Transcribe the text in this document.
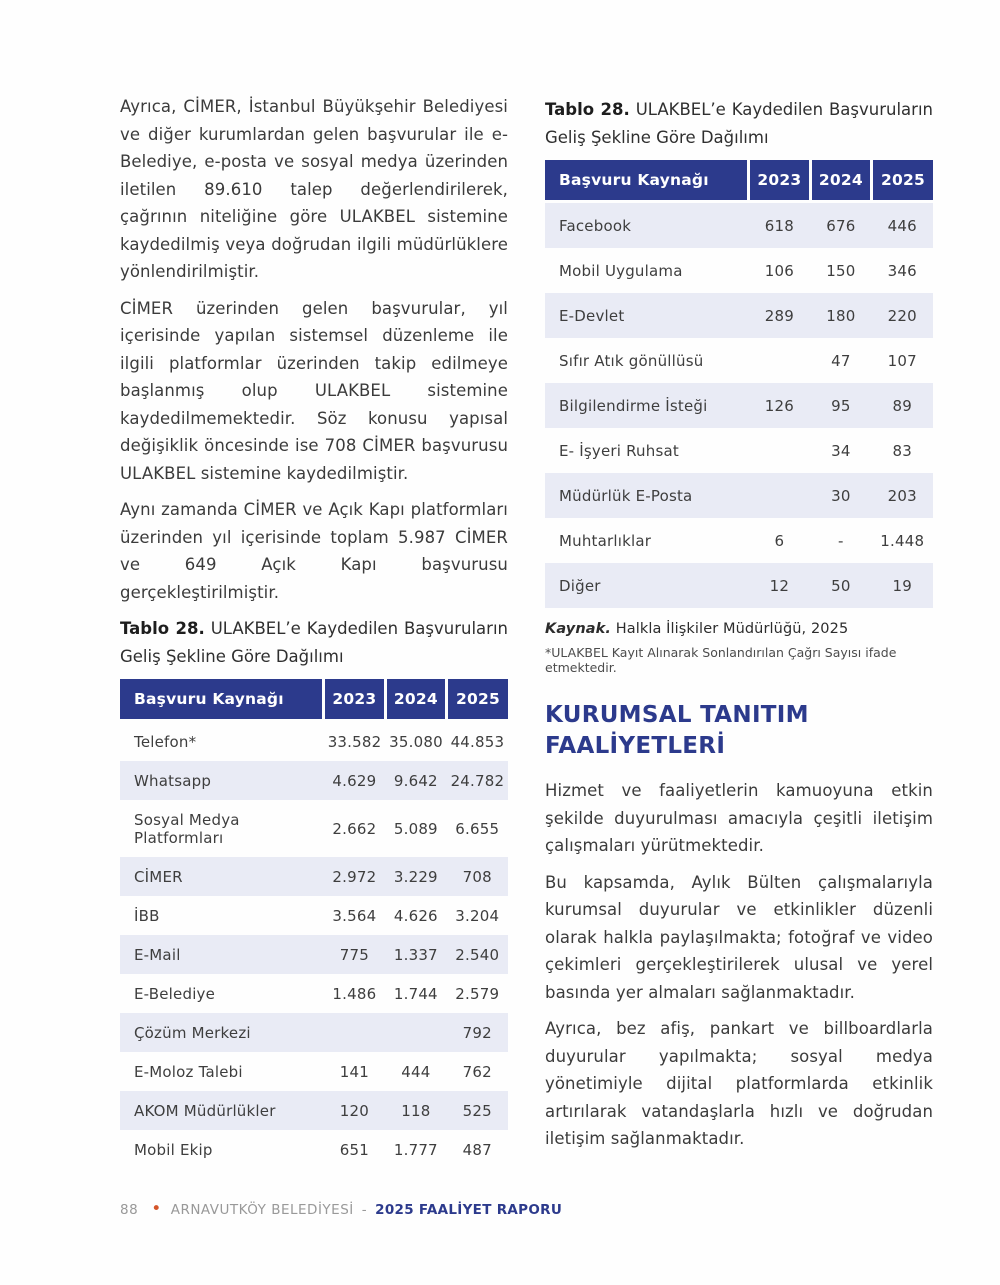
Ayrıca, CİMER, İstanbul Büyükşehir Belediyesi ve diğer kurumlardan gelen başvurular ile e-Belediye, e-posta ve sosyal medya üzerinden iletilen 89.610 talep değerlendirilerek, çağrının niteliğine göre ULAKBEL sistemine kaydedilmiş veya doğrudan ilgili müdürlüklere yönlendirilmiştir.

CİMER üzerinden gelen başvurular, yıl içerisinde yapılan sistemsel düzenleme ile ilgili platformlar üzerinden takip edilmeye başlanmış olup ULAKBEL sistemine kaydedilmemektedir. Söz konusu yapısal değişiklik öncesinde ise 708 CİMER başvurusu ULAKBEL sistemine kaydedilmiştir.

Aynı zamanda CİMER ve Açık Kapı platformları üzerinden yıl içerisinde toplam 5.987 CİMER ve 649 Açık Kapı başvurusu gerçekleştirilmiştir.

Tablo 28. ULAKBEL’e Kaydedilen Başvuruların Geliş Şekline Göre Dağılımı

Başvuru Kaynağı	2023	2024	2025
Telefon*	33.582	35.080	44.853
Whatsapp	4.629	9.642	24.782
Sosyal Medya Platformları	2.662	5.089	6.655
CİMER	2.972	3.229	708
İBB	3.564	4.626	3.204
E-Mail	775	1.337	2.540
E-Belediye	1.486	1.744	2.579
Çözüm Merkezi			792
E-Moloz Talebi	141	444	762
AKOM Müdürlükler	120	118	525
Mobil Ekip	651	1.777	487

Tablo 28. ULAKBEL’e Kaydedilen Başvuruların Geliş Şekline Göre Dağılımı

Başvuru Kaynağı	2023	2024	2025
Facebook	618	676	446
Mobil Uygulama	106	150	346
E-Devlet	289	180	220
Sıfır Atık gönüllüsü		47	107
Bilgilendirme İsteği	126	95	89
E- İşyeri Ruhsat		34	83
Müdürlük E-Posta		30	203
Muhtarlıklar	6	-	1.448
Diğer	12	50	19

Kaynak. Halkla İlişkiler Müdürlüğü, 2025

*ULAKBEL Kayıt Alınarak Sonlandırılan Çağrı Sayısı ifade etmektedir.

KURUMSAL TANITIM FAALİYETLERİ

Hizmet ve faaliyetlerin kamuoyuna etkin şekilde duyurulması amacıyla çeşitli iletişim çalışmaları yürütmektedir.

Bu kapsamda, Aylık Bülten çalışmalarıyla kurumsal duyurular ve etkinlikler düzenli olarak halkla paylaşılmakta; fotoğraf ve video çekimleri gerçekleştirilerek ulusal ve yerel basında yer almaları sağlanmaktadır.

Ayrıca, bez afiş, pankart ve billboardlarla duyurular yapılmakta; sosyal medya yönetimiyle dijital platformlarda etkinlik artırılarak vatandaşlarla hızlı ve doğrudan iletişim sağlanmaktadır.

88 • ARNAVUTKÖY BELEDİYESİ - 2025 FAALİYET RAPORU
